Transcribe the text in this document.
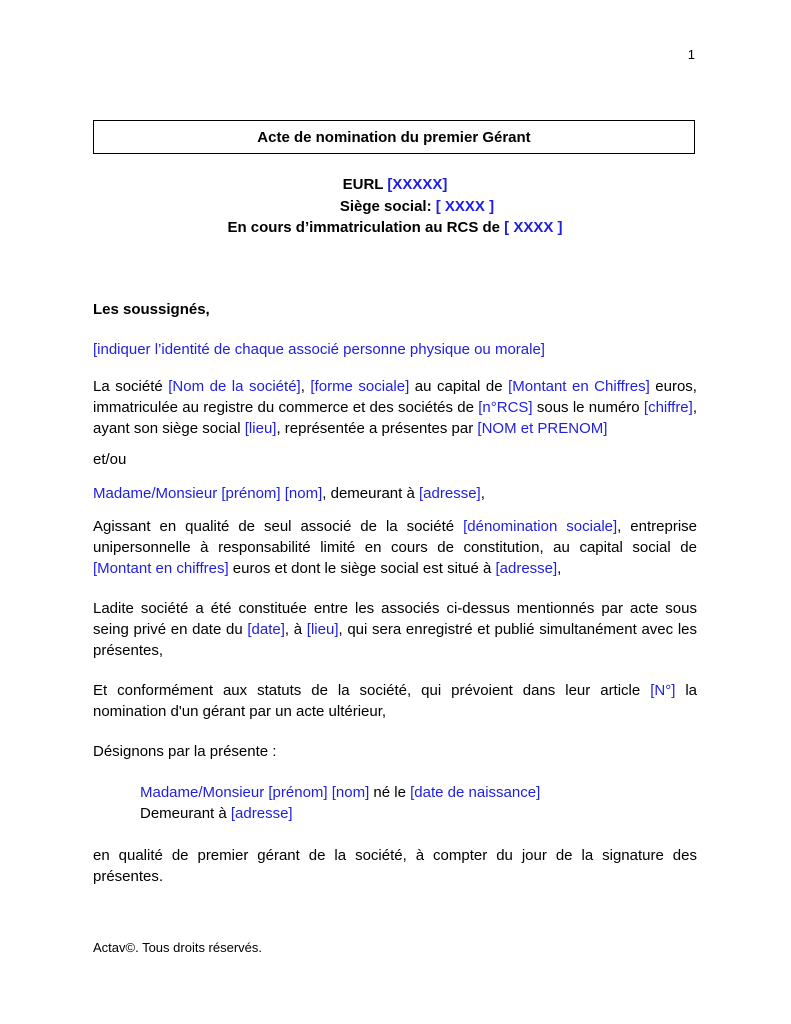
1
Acte de nomination du premier Gérant
EURL [XXXXX]
Siège social: [ XXXX ]
En cours d’immatriculation au RCS de [ XXXX ]
Les soussignés,
[indiquer l’identité de chaque associé personne physique ou morale]
La société [Nom de la société], [forme sociale] au capital de [Montant en Chiffres] euros, immatriculée au registre du commerce et des sociétés de [n°RCS] sous le numéro [chiffre], ayant son siège social [lieu], représentée a présentes par [NOM et PRENOM]
et/ou
Madame/Monsieur [prénom] [nom], demeurant à [adresse],
Agissant en qualité de seul associé de la société [dénomination sociale], entreprise unipersonnelle à responsabilité limité en cours de constitution, au capital social de [Montant en chiffres] euros et dont le siège social est situé à [adresse],
Ladite société a été constituée entre les associés ci-dessus mentionnés par acte sous seing privé en date du [date], à [lieu], qui sera enregistré et publié simultanément avec les présentes,
Et conformément aux statuts de la société, qui prévoient dans leur article [N°] la nomination d'un gérant par un acte ultérieur,
Désignons par la présente :
Madame/Monsieur [prénom] [nom] né le [date de naissance]
Demeurant à [adresse]
en qualité de premier gérant de la société, à compter du jour de la signature des présentes.
Actav©. Tous droits réservés.
